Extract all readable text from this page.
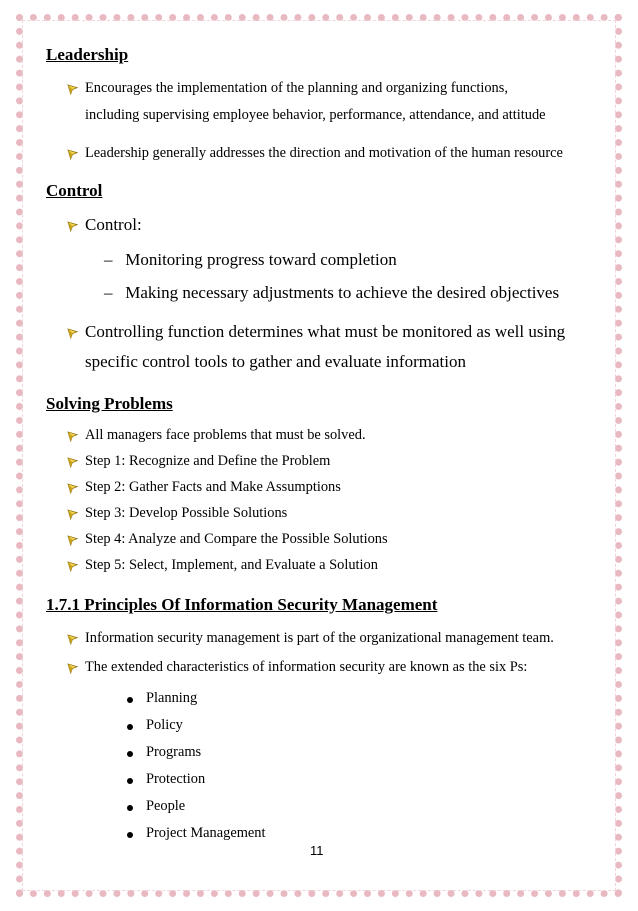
Leadership
Encourages the implementation of the planning and organizing functions,
including supervising employee behavior, performance, attendance, and attitude
Leadership generally addresses the direction and motivation of the human resource
Control
Control:
– Monitoring progress toward completion
– Making necessary adjustments to achieve the desired objectives
Controlling function determines what must be monitored as well using
specific control tools to gather and evaluate information
Solving Problems
All managers face problems that must be solved.
Step 1: Recognize and Define the Problem
Step 2: Gather Facts and Make Assumptions
Step 3: Develop Possible Solutions
Step 4: Analyze and Compare the Possible Solutions
Step 5: Select, Implement, and Evaluate a Solution
1.7.1 Principles Of Information Security Management
Information security management is part of the organizational management team.
The extended characteristics of information security are known as the six Ps:
Planning
Policy
Programs
Protection
People
Project Management
11
